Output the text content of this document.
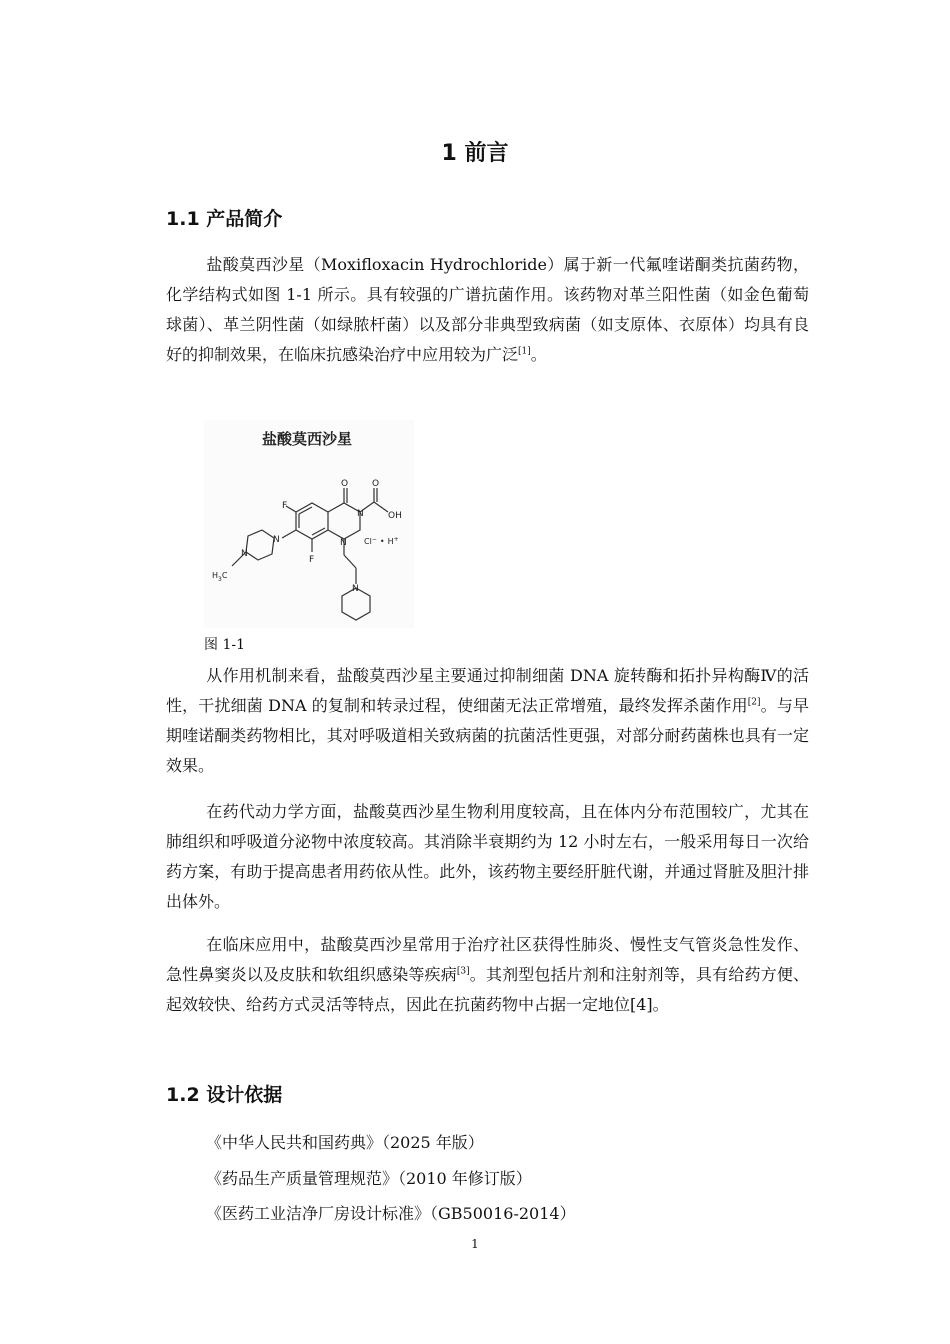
1 前言
1.1 产品简介

盐酸莫西沙星（Moxifloxacin Hydrochloride）属于新一代氟喹诺酮类抗菌药物，化学结构式如图 1-1 所示。具有较强的广谱抗菌作用。该药物对革兰阳性菌（如金色葡萄球菌）、革兰阴性菌（如绿脓杆菌）以及部分非典型致病菌（如支原体、衣原体）均具有良好的抑制效果，在临床抗感染治疗中应用较为广泛[1]。

盐酸莫西沙星
F
F
O	O
OH
N
N
N
N
N
$H_3C$
Cl− • H+
图 1-1

从作用机制来看，盐酸莫西沙星主要通过抑制细菌 DNA 旋转酶和拓扑异构酶Ⅳ的活性，干扰细菌 DNA 的复制和转录过程，使细菌无法正常增殖，最终发挥杀菌作用[2]。与早期喹诺酮类药物相比，其对呼吸道相关致病菌的抗菌活性更强，对部分耐药菌株也具有一定效果。

在药代动力学方面，盐酸莫西沙星生物利用度较高，且在体内分布范围较广，尤其在肺组织和呼吸道分泌物中浓度较高。其消除半衰期约为 12 小时左右，一般采用每日一次给药方案，有助于提高患者用药依从性。此外，该药物主要经肝脏代谢，并通过肾脏及胆汁排出体外。

在临床应用中，盐酸莫西沙星常用于治疗社区获得性肺炎、慢性支气管炎急性发作、急性鼻窦炎以及皮肤和软组织感染等疾病[3]。其剂型包括片剂和注射剂等，具有给药方便、起效较快、给药方式灵活等特点，因此在抗菌药物中占据一定地位[4]。

1.2 设计依据
《中华人民共和国药典》（2025 年版）
《药品生产质量管理规范》（2010 年修订版）
《医药工业洁净厂房设计标准》（GB50016-2014）
1
